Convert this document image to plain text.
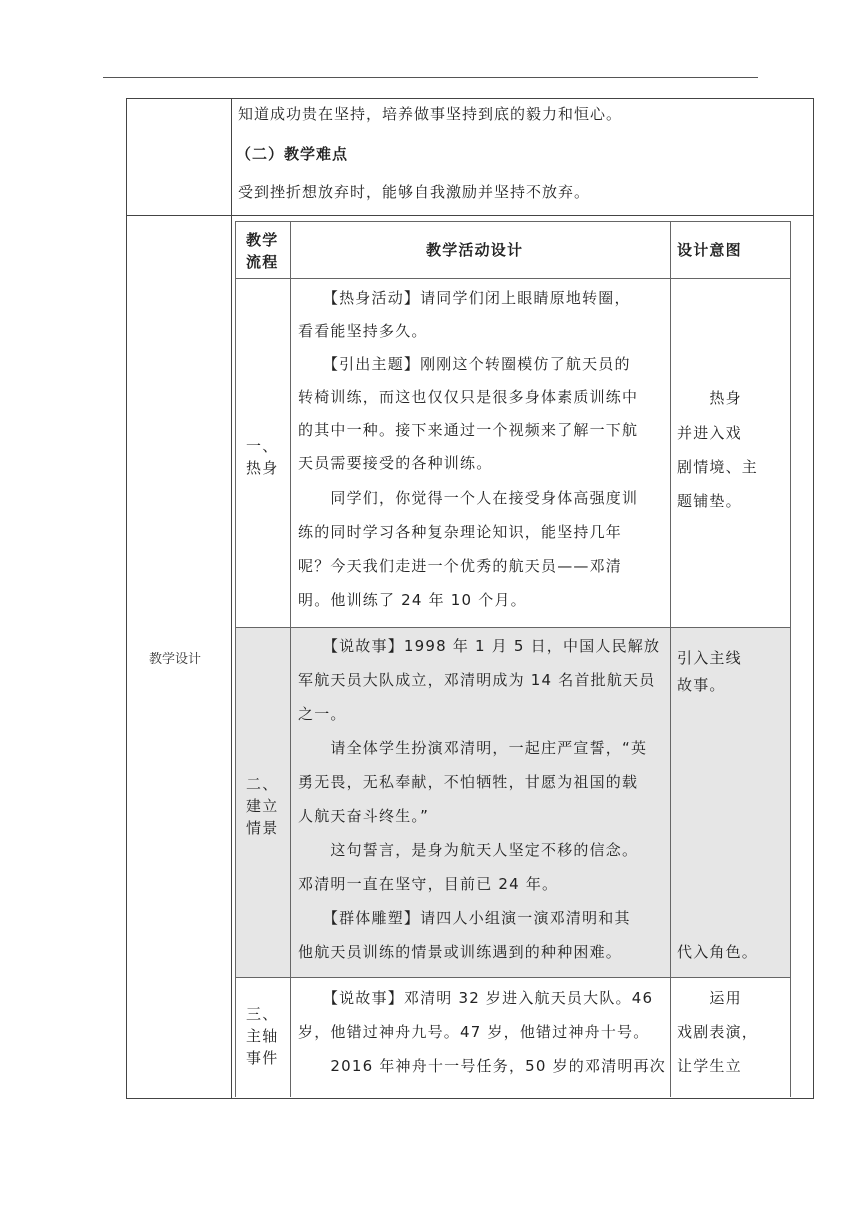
知道成功贵在坚持，培养做事坚持到底的毅力和恒心。
（二）教学难点
受到挫折想放弃时，能够自我激励并坚持不放弃。
教学设计
教学
流程
教学活动设计	设计意图
一、
热身
　　【热身活动】请同学们闭上眼睛原地转圈，
看看能坚持多久。
　　【引出主题】刚刚这个转圈模仿了航天员的
转椅训练，而这也仅仅只是很多身体素质训练中
的其中一种。接下来通过一个视频来了解一下航
天员需要接受的各种训练。
　　同学们，你觉得一个人在接受身体高强度训
练的同时学习各种复杂理论知识，能坚持几年
呢？今天我们走进一个优秀的航天员——邓清
明。他训练了 24 年 10 个月。
　　热身
并进入戏
剧情境、主
题铺垫。
二、
建立
情景
　　【说故事】1998 年 1 月 5 日，中国人民解放
军航天员大队成立，邓清明成为 14 名首批航天员
之一。
　　请全体学生扮演邓清明，一起庄严宣誓，“英
勇无畏，无私奉献，不怕牺牲，甘愿为祖国的载
人航天奋斗终生。”
　　这句誓言，是身为航天人坚定不移的信念。
邓清明一直在坚守，目前已 24 年。
　　【群体雕塑】请四人小组演一演邓清明和其
他航天员训练的情景或训练遇到的种种困难。
引入主线
故事。
代入角色。
三、
主轴
事件
　　【说故事】邓清明 32 岁进入航天员大队。46
岁，他错过神舟九号。47 岁，他错过神舟十号。
　　2016 年神舟十一号任务，50 岁的邓清明再次
　　运用
戏剧表演，
让学生立
